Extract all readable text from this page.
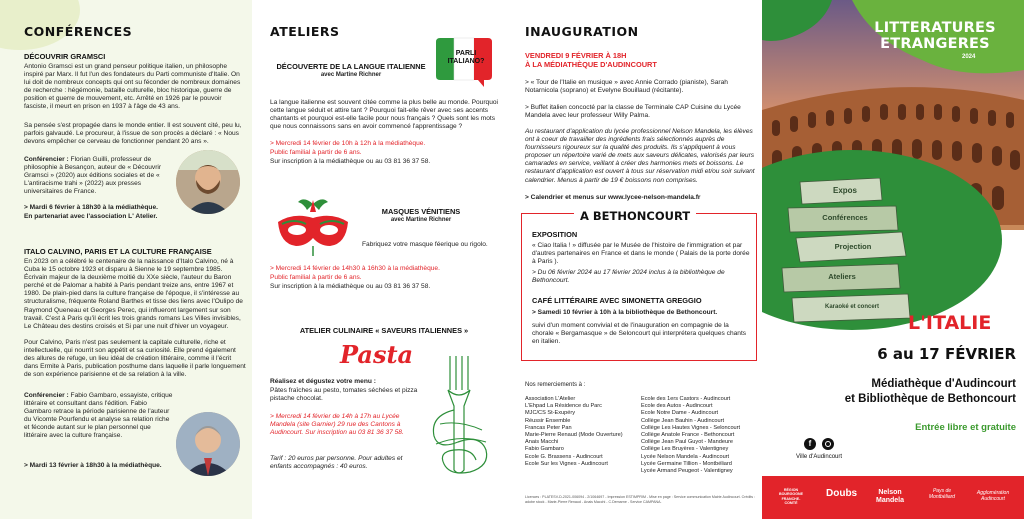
CONFÉRENCES
DÉCOUVRIR GRAMSCI
Antonio Gramsci est un grand penseur politique italien, un philosophe inspiré par Marx. Il fut l'un des fondateurs du Parti communiste d'Italie. On lui doit de nombreux concepts qui ont su féconder de nombreux domaines de recherche : hégémonie, bataille culturelle, bloc historique, guerre de position et guerre de mouvement, etc. Arrêté en 1926 par le pouvoir fasciste, il meurt en prison en 1937 à l'âge de 43 ans.
Sa pensée s'est propagée dans le monde entier. Il est souvent cité, peu lu, parfois galvaudé. Le procureur, à l'issue de son procès a déclaré : « Nous devons empêcher ce cerveau de fonctionner pendant 20 ans ».
Conférencier : Florian Guilli, professeur de philosophie à Besançon, auteur de « Découvrir Gramsci » (2020) aux éditions sociales et de « L'antiracisme trahi » (2022) aux presses universitaires de France.
> Mardi 6 février à 18h30 à la médiathèque.
En partenariat avec l'association L' Atelier.
ITALO CALVINO, PARIS ET LA CULTURE FRANÇAISE
En 2023 on a célébré le centenaire de la naissance d'Italo Calvino, né à Cuba le 15 octobre 1923 et disparu à Sienne le 19 septembre 1985. Écrivain majeur de la deuxième moitié du XXe siècle, l'auteur du Baron perché et de Palomar a habité à Paris pendant treize ans, entre 1967 et 1980. De plain-pied dans la culture française de l'époque, il s'intéresse au structuralisme, fréquente Roland Barthes et tisse des liens avec l'Oulipo de Raymond Queneau et Georges Perec, qui influeront largement sur son travail. C'est à Paris qu'il écrit les trois grands romans Les Villes invisibles, Le Château des destins croisés et Si par une nuit d'hiver un voyageur.
Pour Calvino, Paris n'est pas seulement la capitale culturelle, riche et intellectuelle, qui nourrit son appétit et sa curiosité. Elle prend également des allures de refuge, un lieu idéal de création littéraire, comme il l'écrit dans Ermite à Paris, publication posthume dans laquelle il parle longuement de son expérience parisienne et de sa relation à la ville.
Conférencier : Fabio Gambaro, essayiste, critique littéraire et consultant dans l'édition. Fabio Gambaro retrace la période parisienne de l'auteur du Vicomte Pourfendu et analyse sa relation riche et féconde autant sur le plan personnel que littéraire avec la culture française.
> Mardi 13 février à 18h30 à la médiathèque.
ATELIERS
PARLI ITALIANO?
DÉCOUVERTE DE LA LANGUE ITALIENNE
avec Martine Richner
La langue italienne est souvent citée comme la plus belle au monde. Pourquoi cette langue séduit et attire tant ? Pourquoi fait-elle rêver avec ses accents chantants et pourquoi est-elle facile pour nous français ? Quels sont les mots que nous connaissons sans en avoir commencé l'apprentissage ?
> Mercredi 14 février de 10h à 12h à la médiathèque.
Public familial à partir de 6 ans.
Sur inscription à la médiathèque ou au 03 81 36 37 58.
MASQUES VÉNITIENS
avec Martine Richner
Fabriquez votre masque féerique ou rigolo.
> Mercredi 14 février de 14h30 à 16h30 à la médiathèque.
Public familial à partir de 6 ans.
Sur inscription à la médiathèque ou au 03 81 36 37 58.
ATELIER CULINAIRE « SAVEURS ITALIENNES »
Pasta
Réalisez et dégustez votre menu :
Pâtes fraîches au pesto, tomates séchées et pizza pistache chocolat.
> Mercredi 14 février de 14h à 17h au Lycée Mandela (site Garnier) 29 rue des Cantons à Audincourt. Sur inscription au 03 81 36 37 58.
Tarif : 20 euros par personne. Pour adultes et enfants accompagnés : 40 euros.
INAUGURATION
VENDREDI 9 FÉVRIER À 18H
À LA MÉDIATHÈQUE D'AUDINCOURT
> « Tour de l'Italie en musique » avec Annie Corrado (pianiste), Sarah Notarnicola (soprano) et Evelyne Bouillaud (récitante).
> Buffet italien concocté par la classe de Terminale CAP Cuisine du Lycée Mandela avec leur professeur Willy Palma.
Au restaurant d'application du lycée professionnel Nelson Mandela, les élèves ont à coeur de travailler des ingrédients frais sélectionnés auprès de fournisseurs rigoureux sur la qualité des produits. Ils s'appliquent à vous proposer un répertoire varié de mets aux saveurs délicates, valorisés par leurs camarades en service, veillant à créer des harmonies mets et boissons. Le restaurant d'application est ouvert à tous sur réservation midi et/ou soir suivant calendrier. Menus à partir de 19 € boissons non comprises.
> Calendrier et menus sur www.lycee-nelson-mandela.fr
A BETHONCOURT
EXPOSITION
« Ciao Italia ! » diffusée par le Musée de l'histoire de l'immigration et par d'autres partenaires en France et dans le monde ( Palais de la porte dorée à Paris ).
> Du 06 février 2024 au 17 février 2024 inclus à la bibliothèque de Bethoncourt.
CAFÉ LITTÉRAIRE AVEC SIMONETTA GREGGIO
> Samedi 10 février à 10h à la bibliothèque de Bethoncourt.
suivi d'un moment convivial et de l'inauguration en compagnie de la chorale « Bergamasque » de Seloncourt qui interprétera quelques chants en italien.
Nos remerciements à :
Association L'Atelier
L'Ehpad La Résidence du Parc
MJC/CS St-Exupéry
Réussir Ensemble
Francas Peter Pan
Marie-Pierre Renaud (Mode Ouverture)
Anais Macchi
Fabio Gambaro
Ecole G. Brassens - Audincourt
Ecole Sur les Vignes - Audincourt
Ecole des 1ers Castors - Audincourt
Ecole des Autos - Audincourt
Ecole Notre Dame - Audincourt
Collège Jean Bauhin - Audincourt
Collège Les Hautes Vignes - Seloncourt
Collège Anatole France - Bethoncourt
Collège Jean Paul Guyot - Mandeure
Collège Les Bruyères - Valentigney
Lycée Nelson Mandela - Audincourt
Lycée Germaine Tillion - Montbéliard
Lycée Armand Peugeot - Valentigney
Licences : PLATESV-D-2021-006094 - 2/1064697 - Impression ESTIMPRIM - Mise en page : Service communication Mairie Audincourt. Crédits : adobe stock - Marie-Pierre Renaud - Anais Macchi - C.Demarne - Service CAMPANA.
LITTERATURES
ETRANGERES
2024
Expos
Conférences
Projection
Ateliers
Karaoké et concert
L'ITALIE
6 au 17 FÉVRIER
Médiathèque d'Audincourt
et Bibliothèque de Bethoncourt
Entrée libre et gratuite
f
Ville d'Audincourt
RÉGION BOURGOGNE FRANCHE-COMTÉ
Doubs	Nelson Mandela
Pays de Montbéliard
Agglomération Audincourt
